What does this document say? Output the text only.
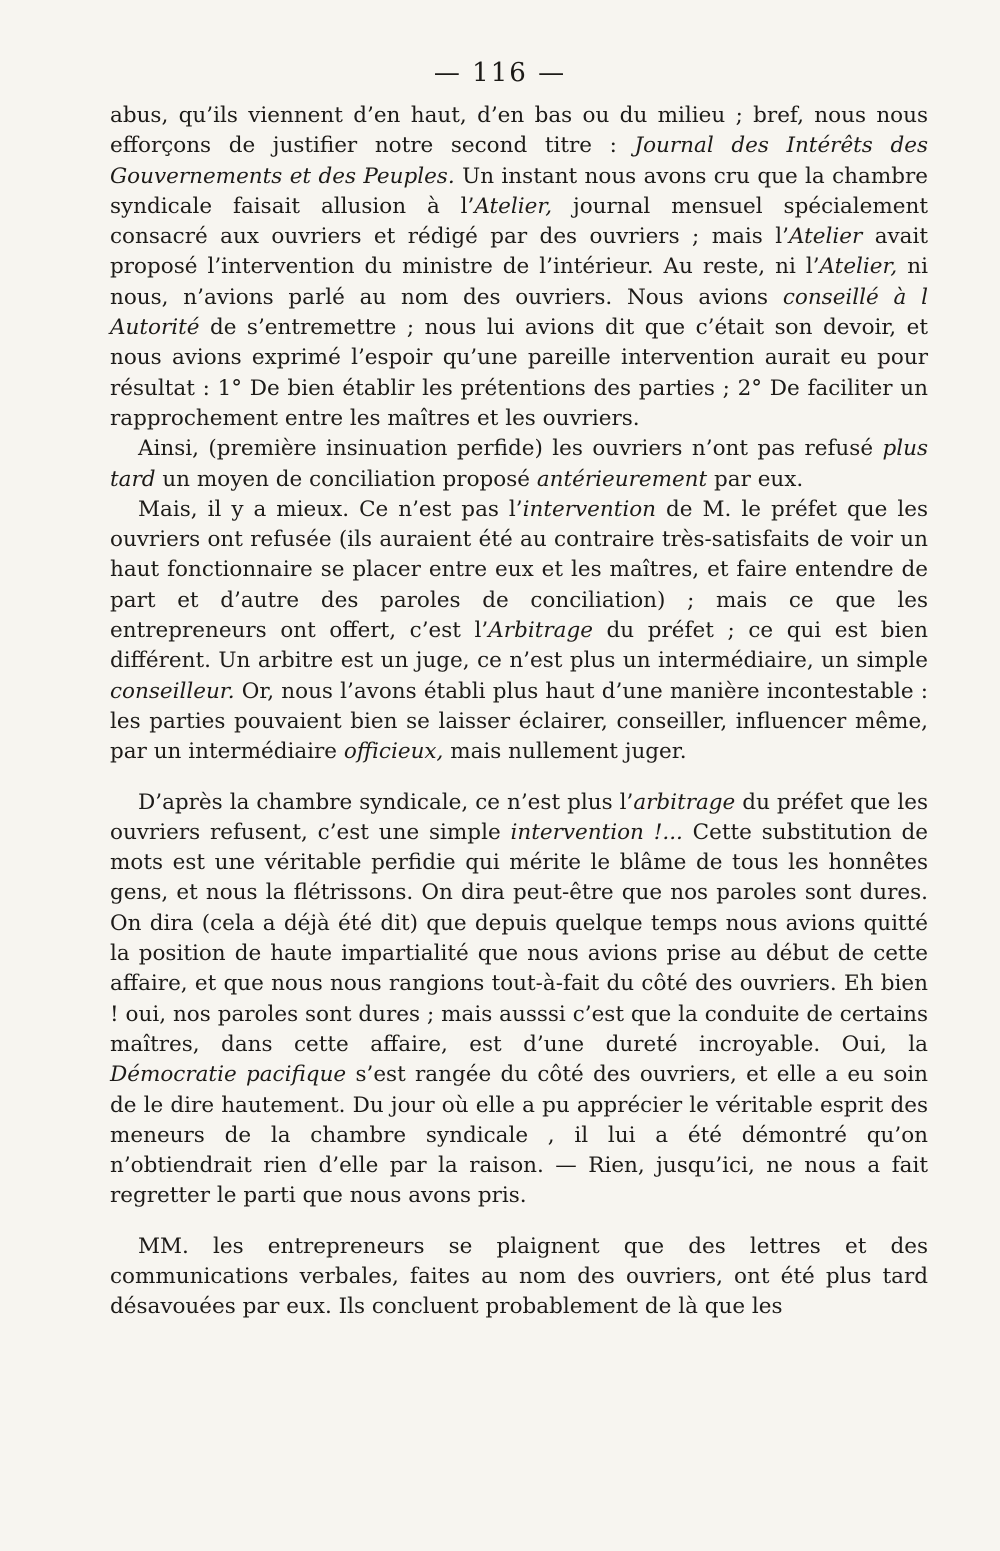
— 116 —

abus, qu’ils viennent d’en haut, d’en bas ou du milieu ; bref, nous nous efforçons de justifier notre second titre : Journal des Intérêts des Gouvernements et des Peuples. Un instant nous avons cru que la chambre syndicale faisait allusion à l’Atelier, journal mensuel spécialement consacré aux ouvriers et rédigé par des ouvriers ; mais l’Atelier avait proposé l’intervention du ministre de l’intérieur. Au reste, ni l’Atelier, ni nous, n’avions parlé au nom des ouvriers. Nous avions conseillé à l Autorité de s’entremettre ; nous lui avions dit que c’était son devoir, et nous avions exprimé l’espoir qu’une pareille intervention aurait eu pour résultat : 1° De bien établir les prétentions des parties ; 2° De faciliter un rapprochement entre les maîtres et les ouvriers.

Ainsi, (première insinuation perfide) les ouvriers n’ont pas refusé plus tard un moyen de conciliation proposé antérieurement par eux.

Mais, il y a mieux. Ce n’est pas l’intervention de M. le préfet que les ouvriers ont refusée (ils auraient été au contraire très-satisfaits de voir un haut fonctionnaire se placer entre eux et les maîtres, et faire entendre de part et d’autre des paroles de conciliation) ; mais ce que les entrepreneurs ont offert, c’est l’Arbitrage du préfet ; ce qui est bien différent. Un arbitre est un juge, ce n’est plus un intermédiaire, un simple conseilleur. Or, nous l’avons établi plus haut d’une manière incontestable : les parties pouvaient bien se laisser éclairer, conseiller, influencer même, par un intermédiaire officieux, mais nullement juger.

D’après la chambre syndicale, ce n’est plus l’arbitrage du préfet que les ouvriers refusent, c’est une simple intervention !... Cette substitution de mots est une véritable perfidie qui mérite le blâme de tous les honnêtes gens, et nous la flétrissons. On dira peut-être que nos paroles sont dures. On dira (cela a déjà été dit) que depuis quelque temps nous avions quitté la position de haute impartialité que nous avions prise au début de cette affaire, et que nous nous rangions tout-à-fait du côté des ouvriers. Eh bien ! oui, nos paroles sont dures ; mais ausssi c’est que la conduite de certains maîtres, dans cette affaire, est d’une dureté incroyable. Oui, la Démocratie pacifique s’est rangée du côté des ouvriers, et elle a eu soin de le dire hautement. Du jour où elle a pu apprécier le véritable esprit des meneurs de la chambre syndicale , il lui a été démontré qu’on n’obtiendrait rien d’elle par la raison. — Rien, jusqu’ici, ne nous a fait regretter le parti que nous avons pris.

MM. les entrepreneurs se plaignent que des lettres et des communications verbales, faites au nom des ouvriers, ont été plus tard désavouées par eux. Ils concluent probablement de là que les
